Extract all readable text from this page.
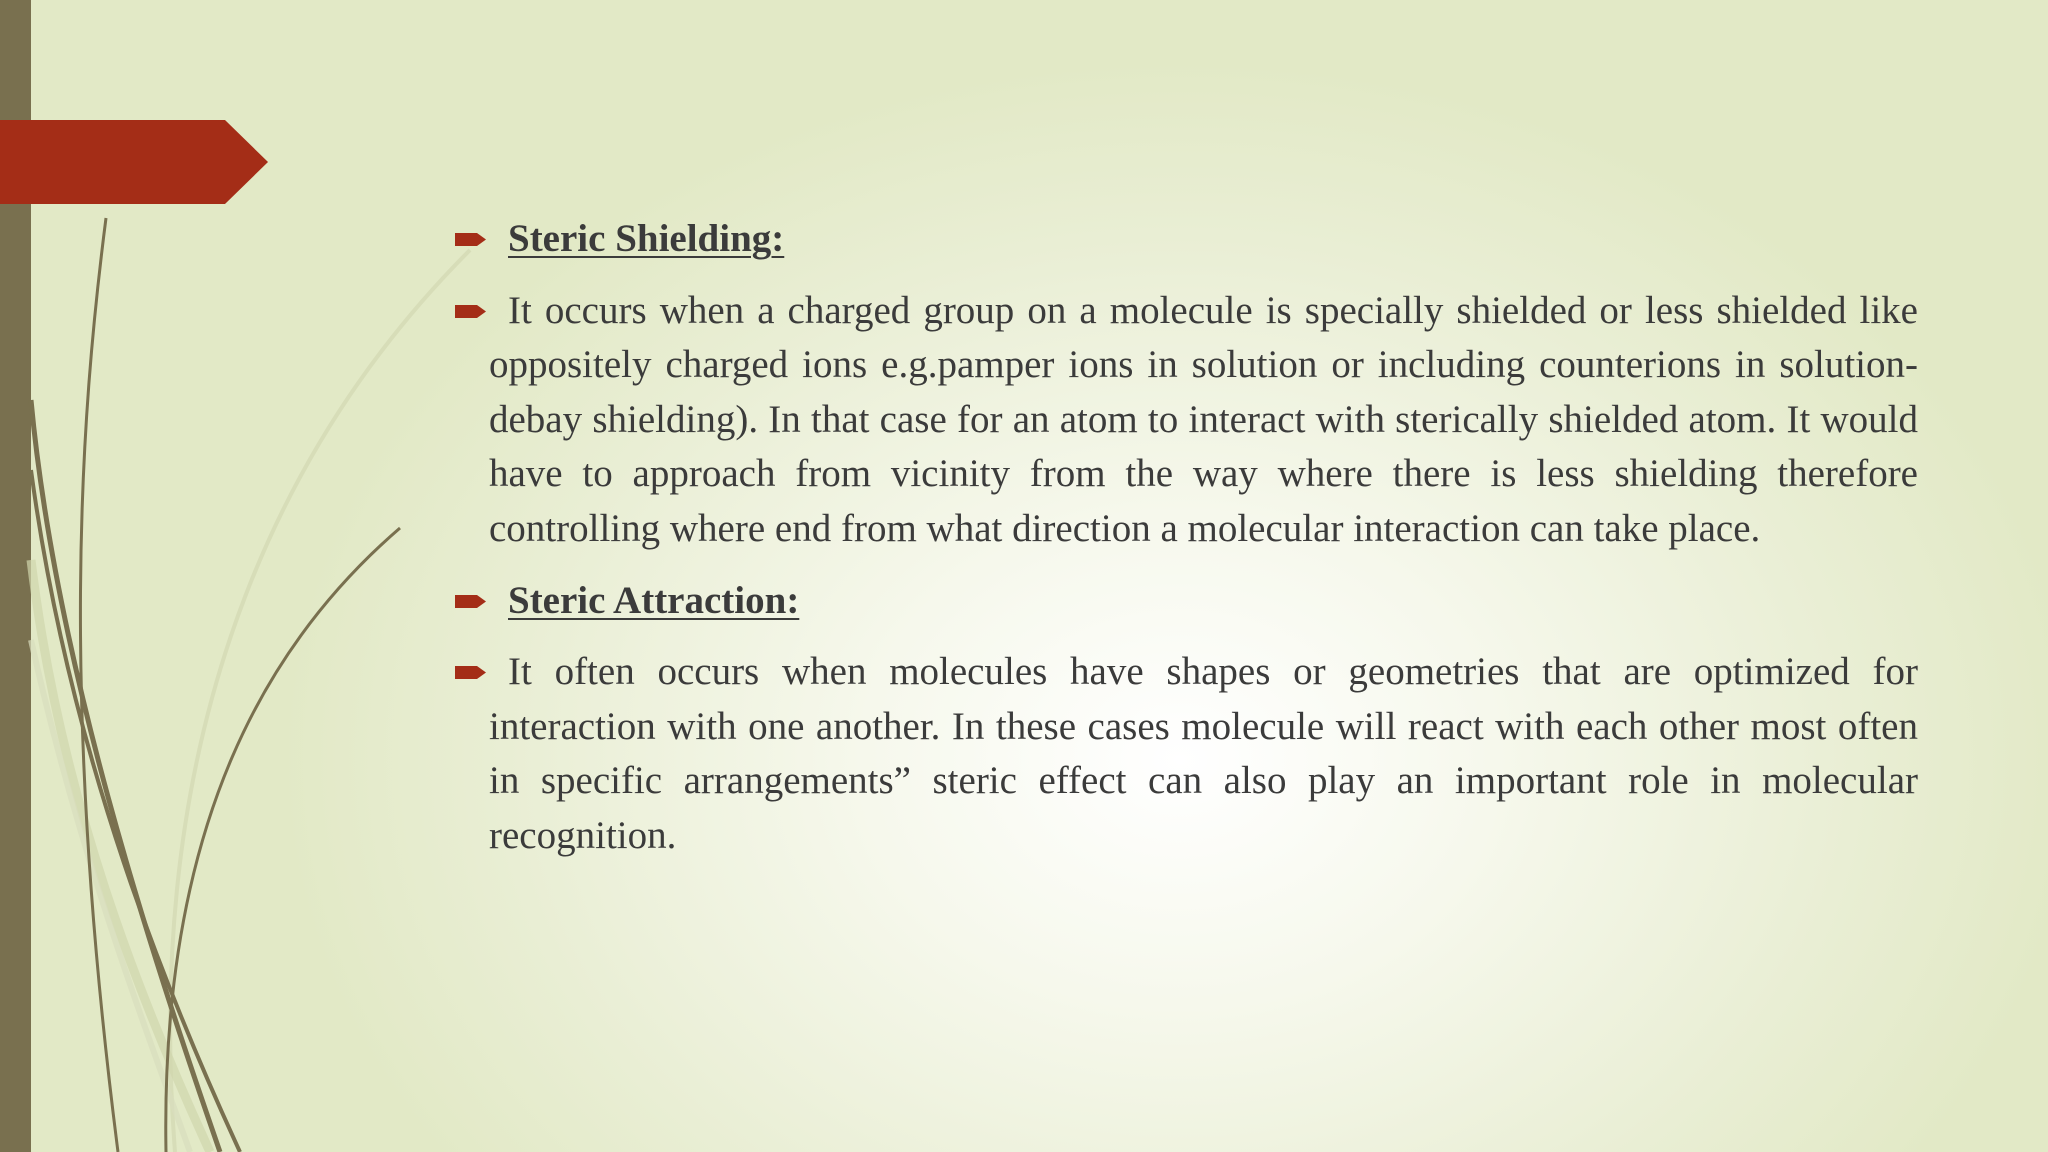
Steric Shielding:
It occurs when a charged group on a molecule is specially shielded or less shielded like oppositely charged ions e.g.pamper ions in solution or including counterions in solution-debay shielding). In that case for an atom to interact with sterically shielded atom. It would have to approach from vicinity from the way where there is less shielding therefore controlling where end from what direction a molecular interaction can take place.
Steric Attraction:
It often occurs when molecules have shapes or geometries that are optimized for interaction with one another. In these cases molecule will react with each other most often in specific arrangements” steric effect can also play an important role in molecular recognition.
